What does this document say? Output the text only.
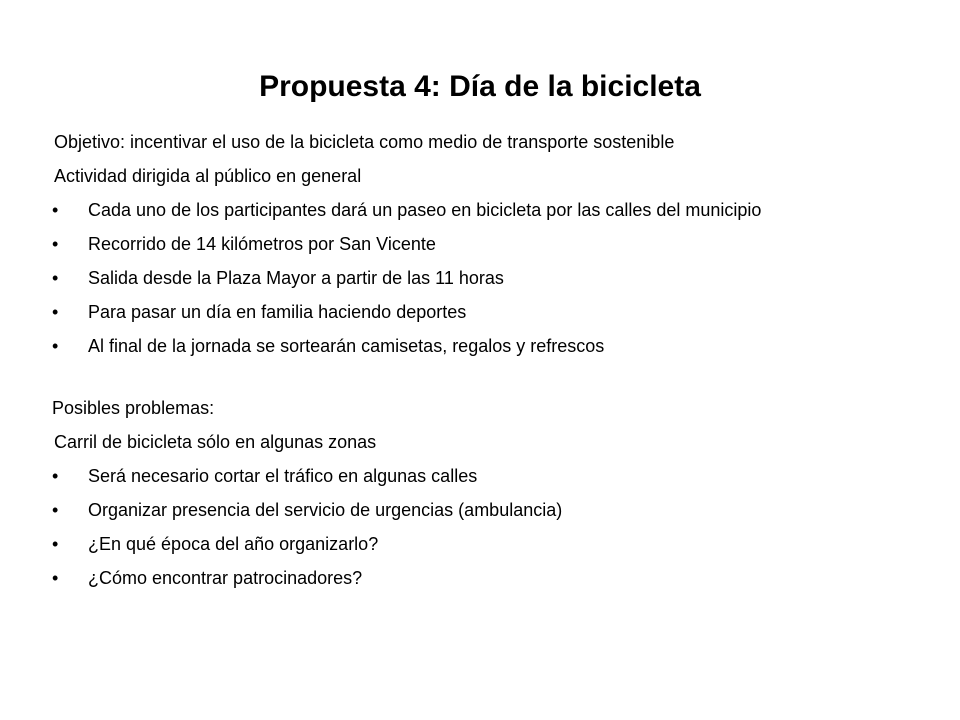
Propuesta 4: Día de la bicicleta
Objetivo: incentivar el uso de la bicicleta como medio de transporte sostenible
Actividad dirigida al público en general
•	Cada uno de los participantes dará un paseo en bicicleta por las calles del municipio
•	Recorrido de 14 kilómetros por San Vicente
•	Salida desde la Plaza Mayor a partir de las 11 horas
•	Para pasar un día en familia haciendo deportes
•	Al final de la jornada se sortearán camisetas, regalos y refrescos
Posibles problemas:
Carril de bicicleta sólo en algunas zonas
•	Será necesario cortar el tráfico en algunas calles
•	Organizar presencia del servicio de urgencias (ambulancia)
•	¿En qué época del año organizarlo?
•	¿Cómo encontrar patrocinadores?
